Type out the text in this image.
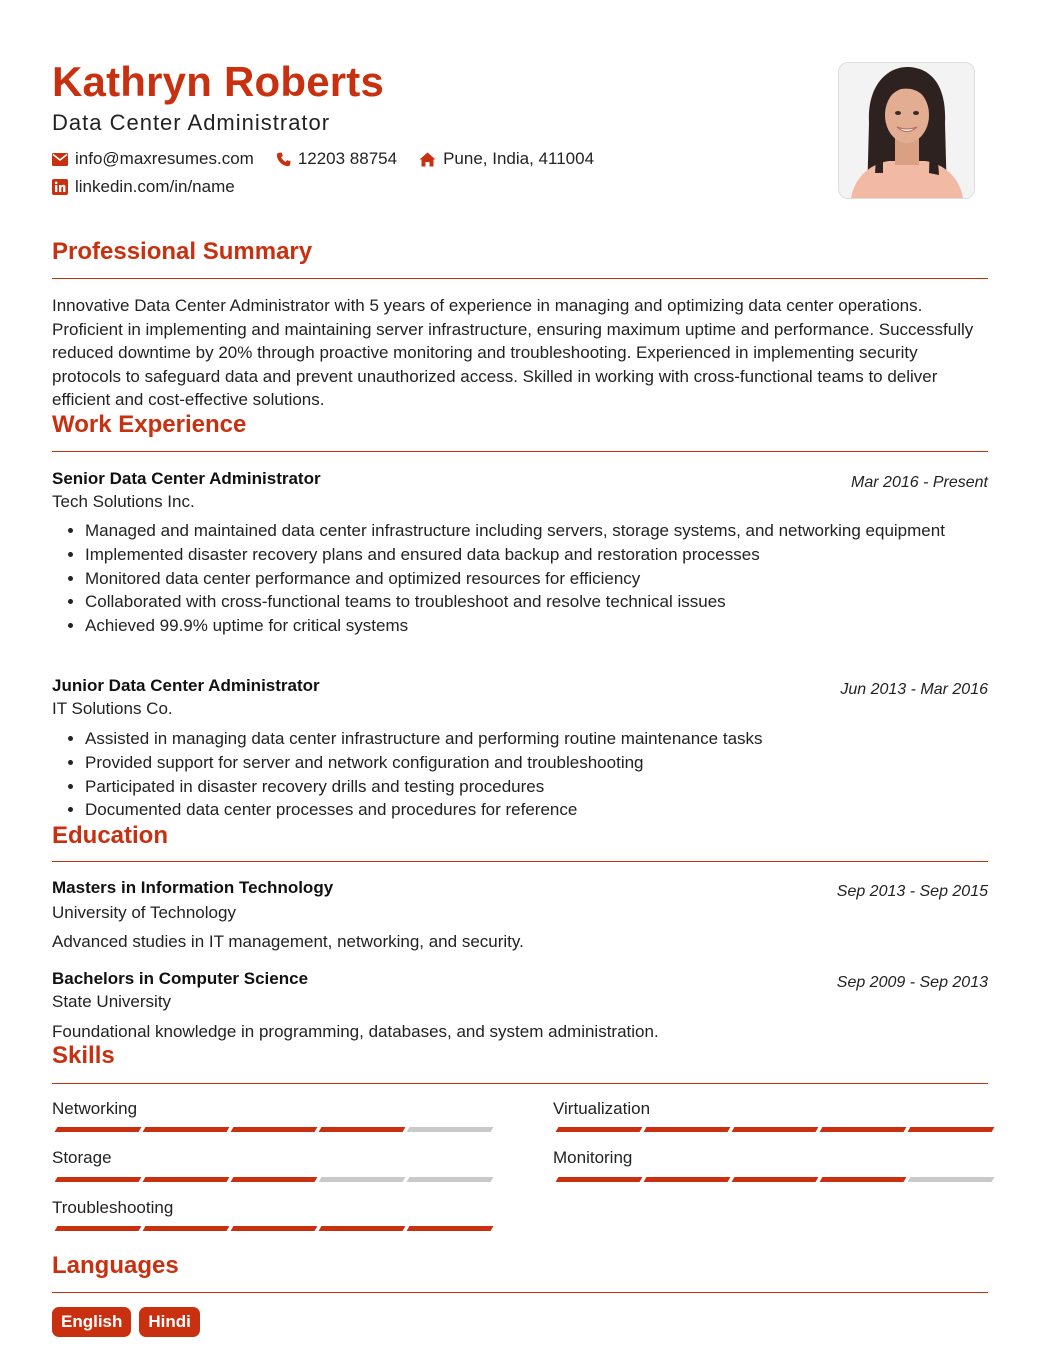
Kathryn Roberts
Data Center Administrator
info@maxresumes.com	12203 88754	Pune, India, 411004
linkedin.com/in/name
Professional Summary

Innovative Data Center Administrator with 5 years of experience in managing and optimizing data center operations. Proficient in implementing and maintaining server infrastructure, ensuring maximum uptime and performance. Successfully reduced downtime by 20% through proactive monitoring and troubleshooting. Experienced in implementing security protocols to safeguard data and prevent unauthorized access. Skilled in working with cross-functional teams to deliver efficient and cost-effective solutions.

Work Experience
Senior Data Center Administrator	Mar 2016 - Present
Tech Solutions Inc.
• Managed and maintained data center infrastructure including servers, storage systems, and networking equipment
• Implemented disaster recovery plans and ensured data backup and restoration processes
• Monitored data center performance and optimized resources for efficiency
• Collaborated with cross-functional teams to troubleshoot and resolve technical issues
• Achieved 99.9% uptime for critical systems
Junior Data Center Administrator	Jun 2013 - Mar 2016
IT Solutions Co.
• Assisted in managing data center infrastructure and performing routine maintenance tasks
• Provided support for server and network configuration and troubleshooting
• Participated in disaster recovery drills and testing procedures
• Documented data center processes and procedures for reference
Education
Masters in Information Technology	Sep 2013 - Sep 2015
University of Technology
Advanced studies in IT management, networking, and security.
Bachelors in Computer Science	Sep 2009 - Sep 2013
State University
Foundational knowledge in programming, databases, and system administration.
Skills
Networking	Virtualization
Storage	Monitoring
Troubleshooting
Languages
English	Hindi
